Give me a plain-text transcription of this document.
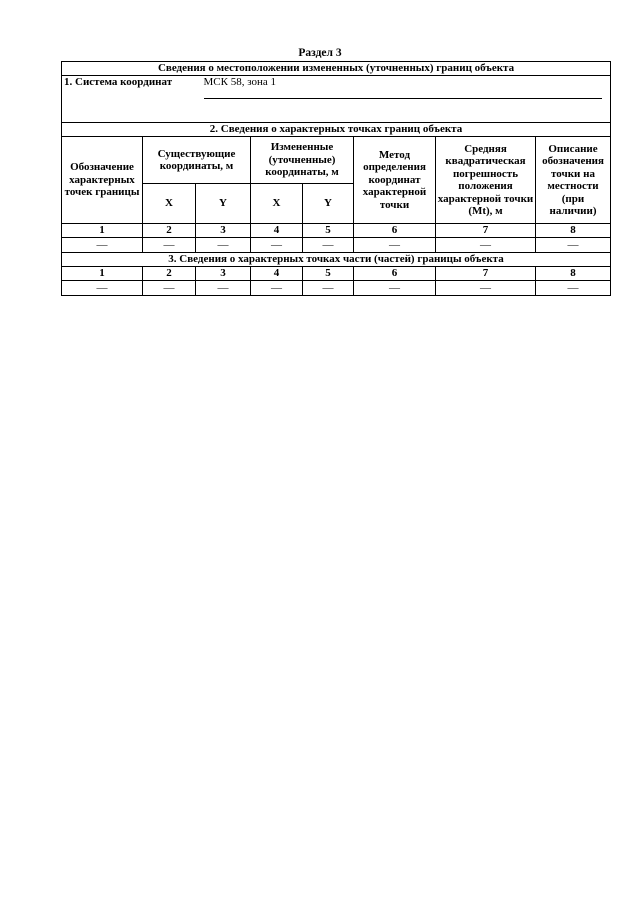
Раздел 3
Сведения о местоположении измененных (уточненных) границ объекта							
1. Система координат		МСК 58, зона 1					

2. Сведения о характерных точках границ объекта							
Обозначение характерных точек границы	Существующие координаты, м		Измененные (уточненные) координаты, м		Метод определения координат характерной точки	Средняя квадратическая погрешность положения характерной точки (Mt), м	Описание обозначения точки на местности (при наличии)
	X	Y	X	Y			
1	2	3	4	5	6	7	8
—	—	—	—	—	—	—	—
3. Сведения о характерных точках части (частей) границы объекта							
1	2	3	4	5	6	7	8
—	—	—	—	—	—	—	—
